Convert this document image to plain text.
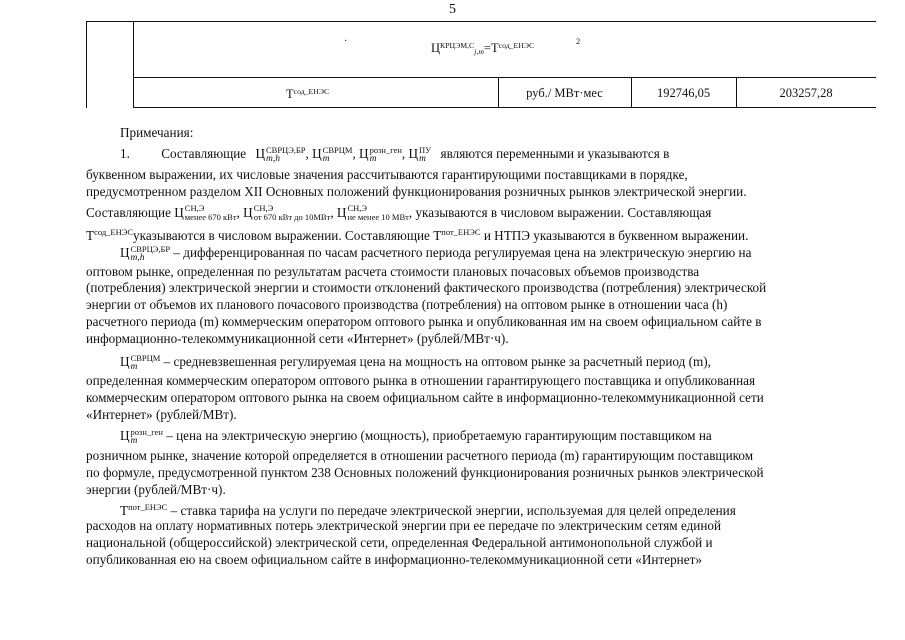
5
·	$Ц^{КРЦЭМ,С}j,m=Т^{сод\_ЕНЭС}$	2
$Т^{сод\_ЕНЭС}$	руб./ МВт·мес	192746,05	203257,28
Примечания:
1. Составляющие Ц СВРЦЭ,БР
m,h	, Ц СВРЦМ
m	, Ц розн_ген
m	, Ц ПУ
m	являются переменными и указываются в
буквенном выражении, их числовые значения рассчитываются гарантирующими поставщиками в порядке,
предусмотренном разделом XII Основных положений функционирования розничных рынков электрической энергии.
Составляющие Ц СН,Э
менее 670 кВт , Ц СН,Э
от 670 кВт до 10МВт , Ц СН,Э
не менее 10 МВт , указываются в числовом выражении. Составляющая
$Т^{сод\_ЕНЭС}указываются$ в числовом выражении. Составляющие $Т^{пот\_ЕНЭС}$ и НТПЭ указываются в буквенном выражении.
Ц СВРЦЭ,БР
m,h	– дифференцированная по часам расчетного периода регулируемая цена на электрическую энергию на
оптовом рынке, определенная по результатам расчета стоимости плановых почасовых объемов производства
(потребления) электрической энергии и стоимости отклонений фактического производства (потребления) электрической
энергии от объемов их планового почасового производства (потребления) на оптовом рынке в отношении часа (h)
расчетного периода (m) коммерческим оператором оптового рынка и опубликованная им на своем официальном сайте в
информационно-телекоммуникационной сети «Интернет» (рублей/МВт·ч).
Ц СВРЦМ
m	– средневзвешенная регулируемая цена на мощность на оптовом рынке за расчетный период (m),
определенная коммерческим оператором оптового рынка в отношении гарантирующего поставщика и опубликованная
коммерческим оператором оптового рынка на своем официальном сайте в информационно-телекоммуникационной сети
«Интернет» (рублей/МВт).
Ц розн_ген
m	– цена на электрическую энергию (мощность), приобретаемую гарантирующим поставщиком на
розничном рынке, значение которой определяется в отношении расчетного периода (m) гарантирующим поставщиком
по формуле, предусмотренной пунктом 238 Основных положений функционирования розничных рынков электрической
энергии (рублей/МВт·ч).
$Т^{пот\_ЕНЭС}$ – ставка тарифа на услуги по передаче электрической энергии, используемая для целей определения
расходов на оплату нормативных потерь электрической энергии при ее передаче по электрическим сетям единой
национальной (общероссийской) электрической сети, определенная Федеральной антимонопольной службой и
опубликованная ею на своем официальном сайте в информационно-телекоммуникационной сети «Интернет»
